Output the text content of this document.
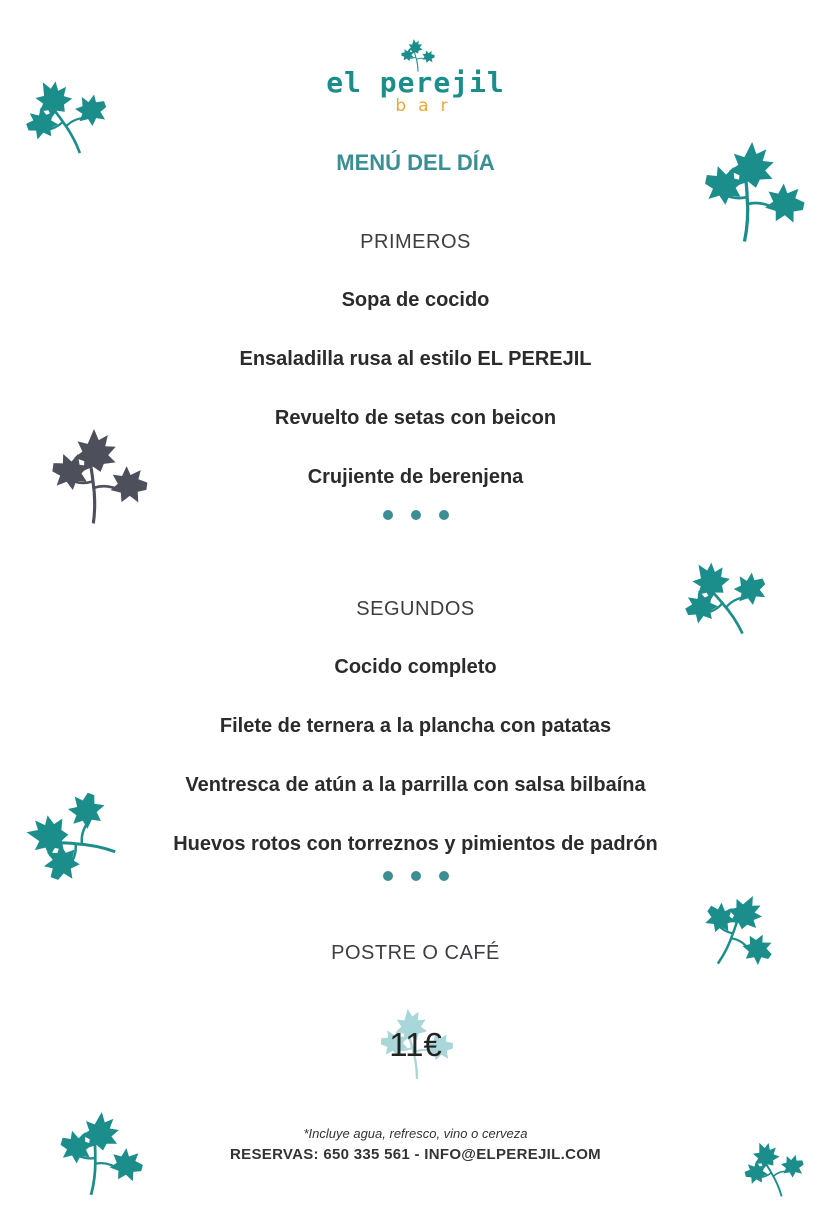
el perejil
bar
MENÚ DEL DÍA
PRIMEROS
Sopa de cocido
Ensaladilla rusa al estilo EL PEREJIL
Revuelto de setas con beicon
Crujiente de berenjena
SEGUNDOS
Cocido completo
Filete de ternera a la plancha con patatas
Ventresca de atún a la parrilla con salsa bilbaína
Huevos rotos con torreznos y pimientos de padrón
POSTRE O CAFÉ
11€
*Incluye agua, refresco, vino o cerveza
RESERVAS: 650 335 561 - INFO@ELPEREJIL.COM
